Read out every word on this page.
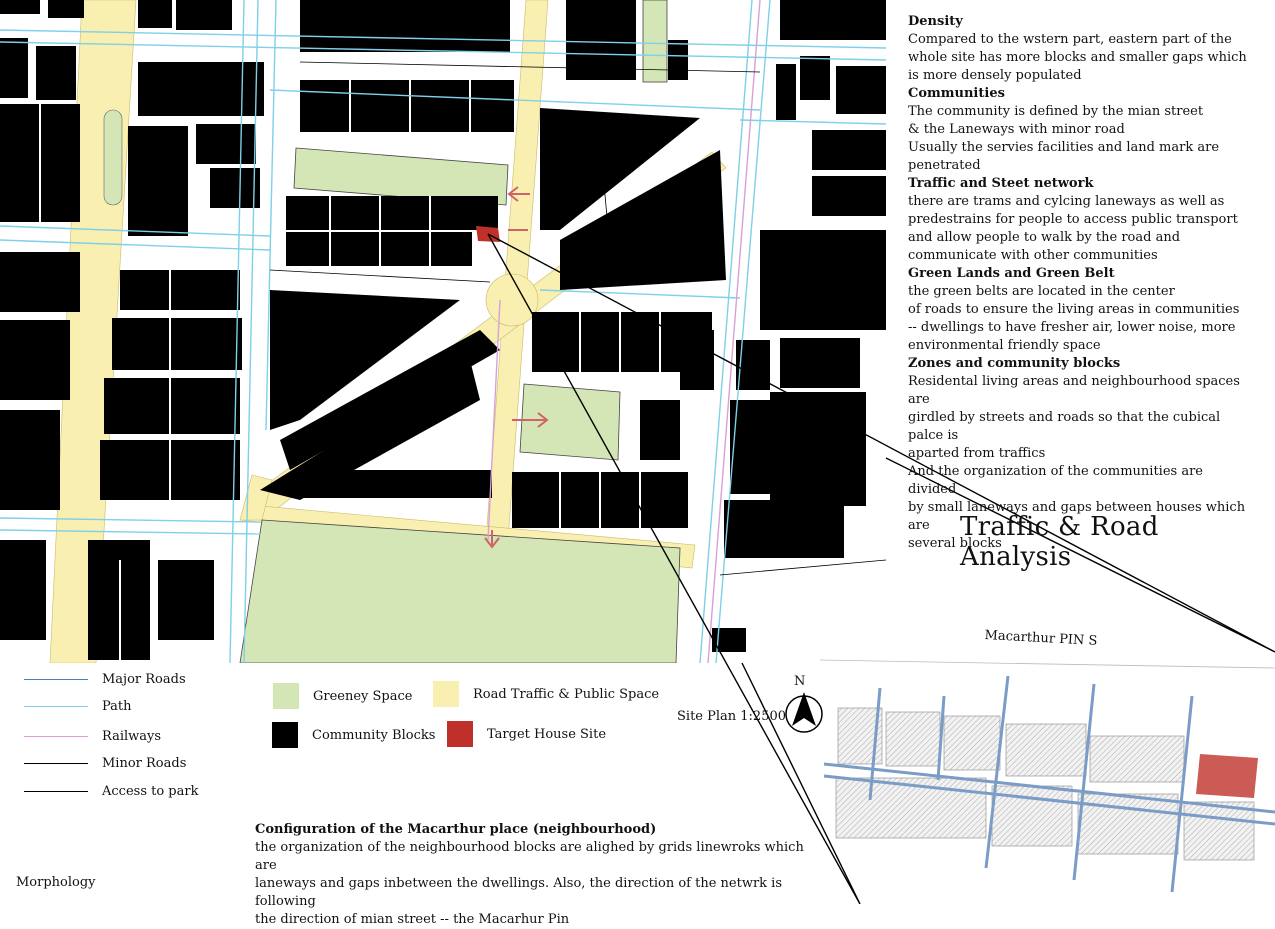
Density
Compared to the wstern part, eastern part of the
whole site has more blocks and smaller gaps which
is more densely populated
Communities
The community is defined by the mian street
& the Laneways with minor road
Usually the servies facilities and land mark are
penetrated
Traffic and Steet network
there are trams and cylcing laneways as well as
predestrains for people to access public transport
and allow people to walk by the road and
communicate with other communities
Green Lands and Green Belt
the green belts are located in the center
of roads to ensure the living areas in communities
-- dwellings to have fresher air, lower noise, more
environmental friendly space
Zones and community blocks
Residental living areas and neighbourhood spaces are
girdled by streets and roads so that the cubical palce is
aparted from traffics
And the organization of the communities are divided
by small laneways and gaps between houses which are
several blocks
Traffic & Road Analysis
Macarthur PIN S
N
Major Roads
Path
Railways
Minor Roads
Access to park
Greeney Space	Road Traffic & Public Space
Community Blocks	Target House Site
Site Plan 1:2500
Configuration of the Macarthur place (neighbourhood)
the organization of the neighbourhood blocks are alighed by grids linewroks which are
laneways and gaps inbetween the dwellings. Also, the direction of the netwrk is following
the direction of mian street -- the Macarhur Pin
Morphology
